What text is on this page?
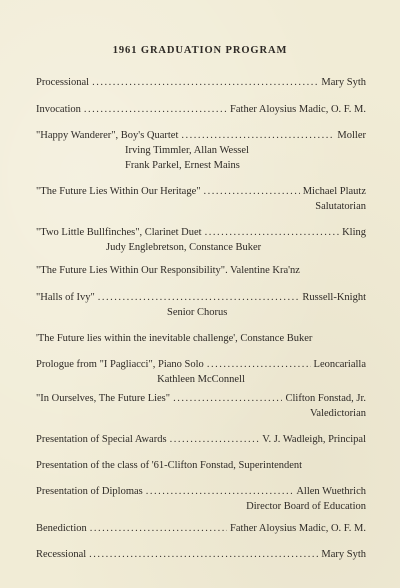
1961 GRADUATION PROGRAM
Processional .....	Mary Syth
Invocation .....	Father Aloysius Madic, O. F. M.
"Happy Wanderer", Boy's Quartet .....	Moller
Irving Timmler, Allan Wessel
Frank Parkel, Ernest Mains
"The Future Lies Within Our Heritage" .....	Michael Plautz
Salutatorian
"Two Little Bullfinches", Clarinet Duet .....	Kling
Judy Englebretson, Constance Buker
"The Future Lies Within Our Responsibility". Valentine Kra'nz
"Halls of Ivy" .....	Russell-Knight
Senior Chorus
'The Future lies within the inevitable challenge', Constance Buker
Prologue from "I Pagliacci", Piano Solo .....	Leoncarialla
Kathleen McConnell
"In Ourselves, The Future Lies" .....	Clifton Fonstad, Jr.
Valedictorian
Presentation of Special Awards .....	V. J. Wadleigh, Principal
Presentation of the class of '61-Clifton Fonstad, Superintendent
Presentation of Diplomas .....	Allen Wuethrich
Director Board of Education
Benediction .....	Father Aloysius Madic, O. F. M.
Recessional .....	Mary Syth
